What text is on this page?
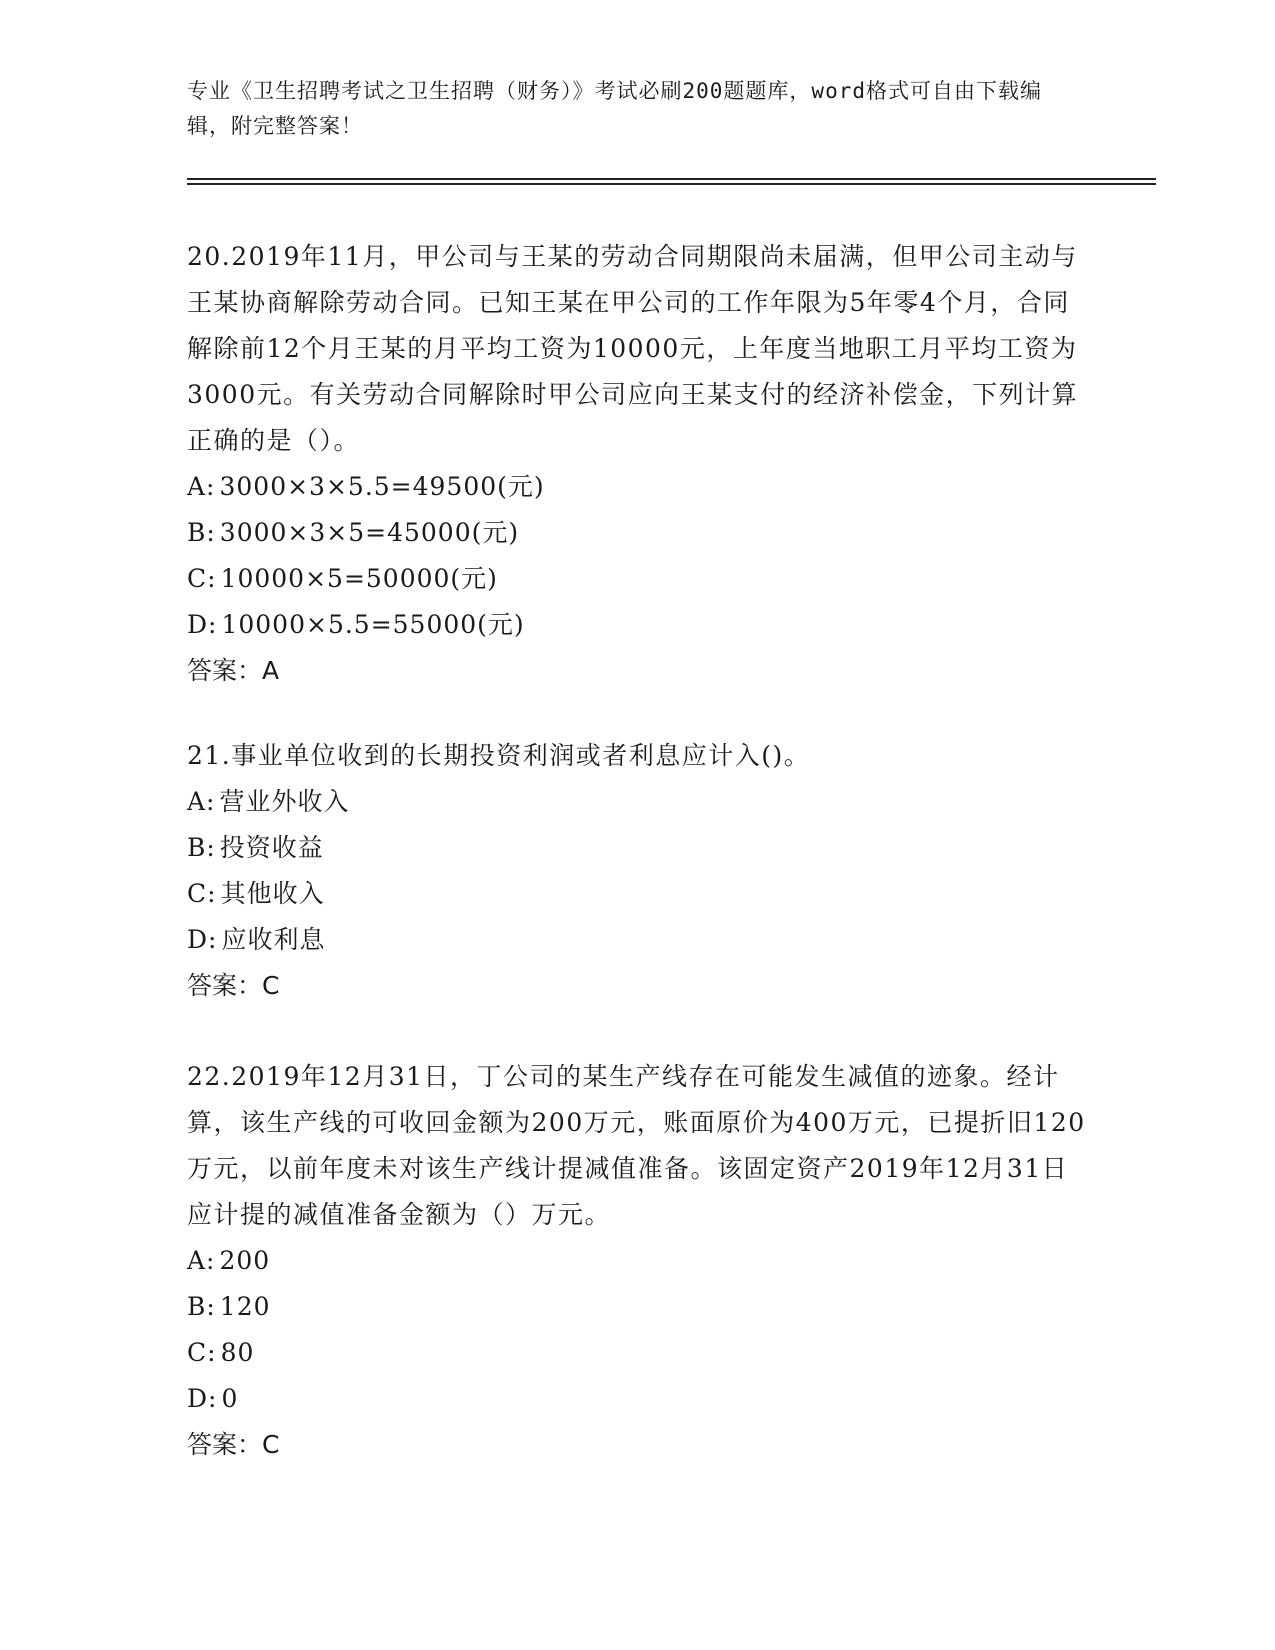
专业《卫生招聘考试之卫生招聘（财务）》考试必刷200题题库，word格式可自由下载编辑，附完整答案！

20.2019年11月，甲公司与王某的劳动合同期限尚未届满，但甲公司主动与王某协商解除劳动合同。已知王某在甲公司的工作年限为5年零4个月，合同解除前12个月王某的月平均工资为10000元，上年度当地职工月平均工资为3000元。有关劳动合同解除时甲公司应向王某支付的经济补偿金，下列计算正确的是（）。

A: 3000×3×5.5=49500(元)

B: 3000×3×5=45000(元)

C: 10000×5=50000(元)

D: 10000×5.5=55000(元)

答案：A

21.事业单位收到的长期投资利润或者利息应计入()。

A: 营业外收入

B: 投资收益

C: 其他收入

D: 应收利息

答案：C

22.2019年12月31日，丁公司的某生产线存在可能发生减值的迹象。经计算，该生产线的可收回金额为200万元，账面原价为400万元，已提折旧120万元，以前年度未对该生产线计提减值准备。该固定资产2019年12月31日应计提的减值准备金额为（）万元。

A: 200

B: 120

C: 80

D: 0

答案：C
